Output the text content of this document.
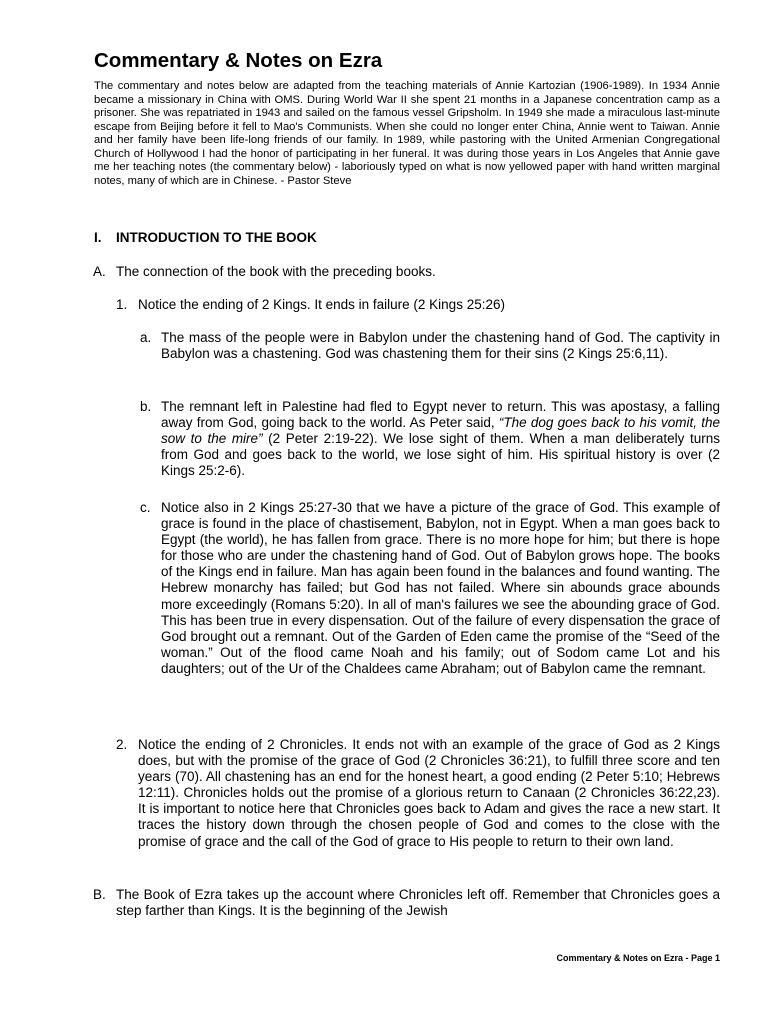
Commentary & Notes on Ezra

The commentary and notes below are adapted from the teaching materials of Annie Kartozian (1906-1989). In 1934 Annie became a missionary in China with OMS. During World War II she spent 21 months in a Japanese concentration camp as a prisoner. She was repatriated in 1943 and sailed on the famous vessel Gripsholm. In 1949 she made a miraculous last-minute escape from Beijing before it fell to Mao's Communists. When she could no longer enter China, Annie went to Taiwan. Annie and her family have been life-long friends of our family. In 1989, while pastoring with the United Armenian Congregational Church of Hollywood I had the honor of participating in her funeral. It was during those years in Los Angeles that Annie gave me her teaching notes (the commentary below) - laboriously typed on what is now yellowed paper with hand written marginal notes, many of which are in Chinese. - Pastor Steve

I. INTRODUCTION TO THE BOOK
A. The connection of the book with the preceding books.
1. Notice the ending of 2 Kings. It ends in failure (2 Kings 25:26)
a. The mass of the people were in Babylon under the chastening hand of God. The captivity in Babylon was a chastening. God was chastening them for their sins (2 Kings 25:6,11).
b. The remnant left in Palestine had fled to Egypt never to return. This was apostasy, a falling away from God, going back to the world. As Peter said, “The dog goes back to his vomit, the sow to the mire” (2 Peter 2:19-22). We lose sight of them. When a man deliberately turns from God and goes back to the world, we lose sight of him. His spiritual history is over (2 Kings 25:2-6).
c. Notice also in 2 Kings 25:27-30 that we have a picture of the grace of God. This example of grace is found in the place of chastisement, Babylon, not in Egypt. When a man goes back to Egypt (the world), he has fallen from grace. There is no more hope for him; but there is hope for those who are under the chastening hand of God. Out of Babylon grows hope. The books of the Kings end in failure. Man has again been found in the balances and found wanting. The Hebrew monarchy has failed; but God has not failed. Where sin abounds grace abounds more exceedingly (Romans 5:20). In all of man's failures we see the abounding grace of God. This has been true in every dispensation. Out of the failure of every dispensation the grace of God brought out a remnant. Out of the Garden of Eden came the promise of the “Seed of the woman.” Out of the flood came Noah and his family; out of Sodom came Lot and his daughters; out of the Ur of the Chaldees came Abraham; out of Babylon came the remnant.
2. Notice the ending of 2 Chronicles. It ends not with an example of the grace of God as 2 Kings does, but with the promise of the grace of God (2 Chronicles 36:21), to fulfill three score and ten years (70). All chastening has an end for the honest heart, a good ending (2 Peter 5:10; Hebrews 12:11). Chronicles holds out the promise of a glorious return to Canaan (2 Chronicles 36:22,23). It is important to notice here that Chronicles goes back to Adam and gives the race a new start. It traces the history down through the chosen people of God and comes to the close with the promise of grace and the call of the God of grace to His people to return to their own land.
B. The Book of Ezra takes up the account where Chronicles left off. Remember that Chronicles goes a step farther than Kings. It is the beginning of the Jewish
Commentary & Notes on Ezra - Page 1
